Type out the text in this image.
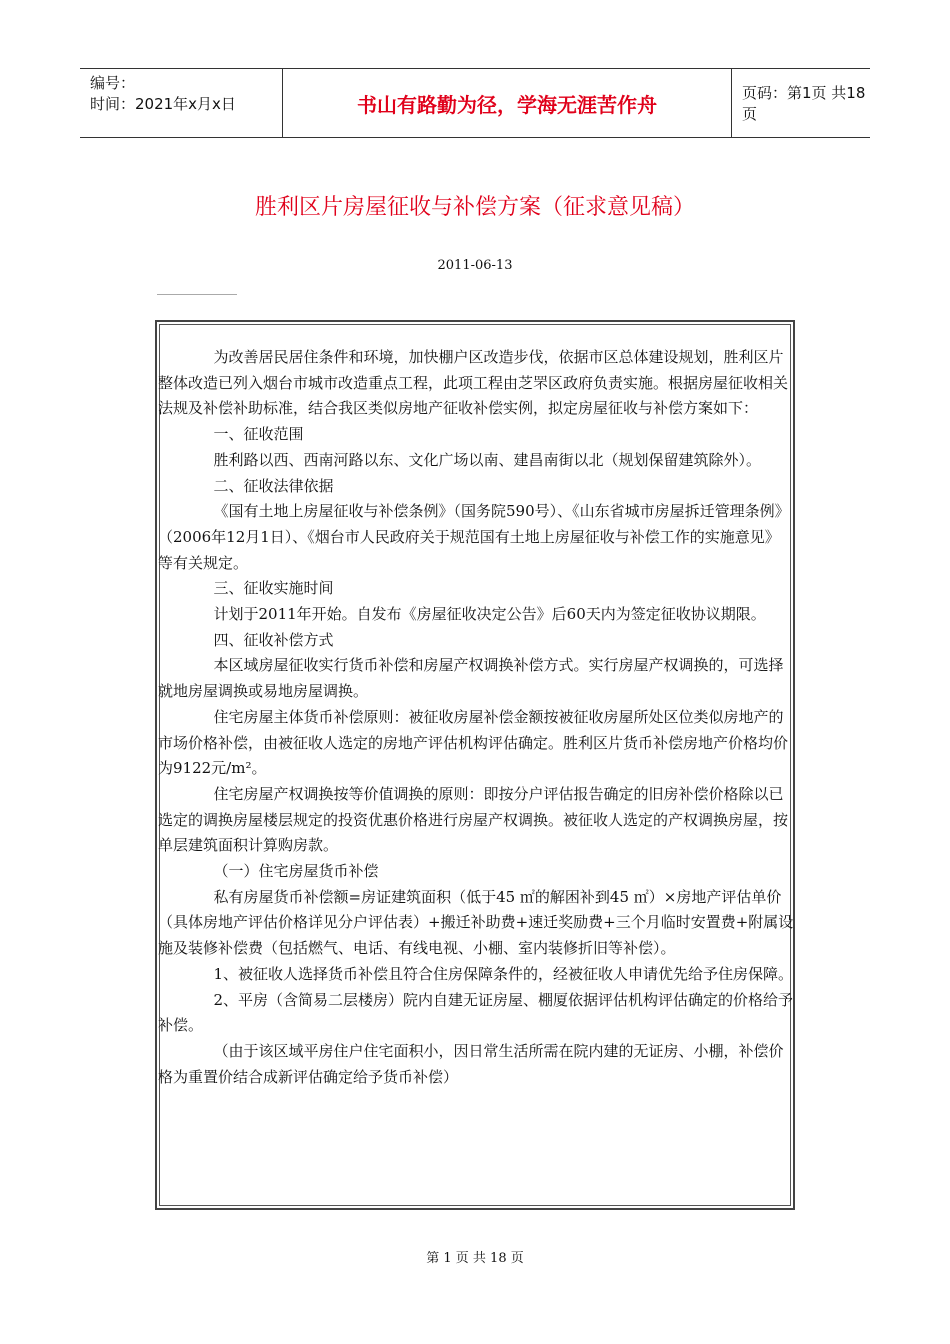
编号：
时间：2021年x月x日	书山有路勤为径，学海无涯苦作舟	页码：第1页 共18页
胜利区片房屋征收与补偿方案（征求意见稿）
2011-06-13

为改善居民居住条件和环境，加快棚户区改造步伐，依据市区总体建设规划，胜利区片整体改造已列入烟台市城市改造重点工程，此项工程由芝罘区政府负责实施。根据房屋征收相关法规及补偿补助标准，结合我区类似房地产征收补偿实例，拟定房屋征收与补偿方案如下：

一、征收范围

胜利路以西、西南河路以东、文化广场以南、建昌南街以北（规划保留建筑除外）。

二、征收法律依据

《国有土地上房屋征收与补偿条例》（国务院590号）、《山东省城市房屋拆迁管理条例》（2006年12月1日）、《烟台市人民政府关于规范国有土地上房屋征收与补偿工作的实施意见》等有关规定。

三、征收实施时间

计划于2011年开始。自发布《房屋征收决定公告》后60天内为签定征收协议期限。

四、征收补偿方式

本区域房屋征收实行货币补偿和房屋产权调换补偿方式。实行房屋产权调换的，可选择就地房屋调换或易地房屋调换。

住宅房屋主体货币补偿原则：被征收房屋补偿金额按被征收房屋所处区位类似房地产的市场价格补偿，由被征收人选定的房地产评估机构评估确定。胜利区片货币补偿房地产价格均价为9122元/m²。

住宅房屋产权调换按等价值调换的原则：即按分户评估报告确定的旧房补偿价格除以已选定的调换房屋楼层规定的投资优惠价格进行房屋产权调换。被征收人选定的产权调换房屋，按单层建筑面积计算购房款。

（一）住宅房屋货币补偿

私有房屋货币补偿额=房证建筑面积（低于45 ㎡的解困补到45 ㎡）×房地产评估单价（具体房地产评估价格详见分户评估表）+搬迁补助费+速迁奖励费+三个月临时安置费+附属设施及装修补偿费（包括燃气、电话、有线电视、小棚、室内装修折旧等补偿）。

1、被征收人选择货币补偿且符合住房保障条件的，经被征收人申请优先给予住房保障。

2、平房（含简易二层楼房）院内自建无证房屋、棚厦依据评估机构评估确定的价格给予补偿。

（由于该区域平房住户住宅面积小，因日常生活所需在院内建的无证房、小棚，补偿价格为重置价结合成新评估确定给予货币补偿）

第 1 页 共 18 页
